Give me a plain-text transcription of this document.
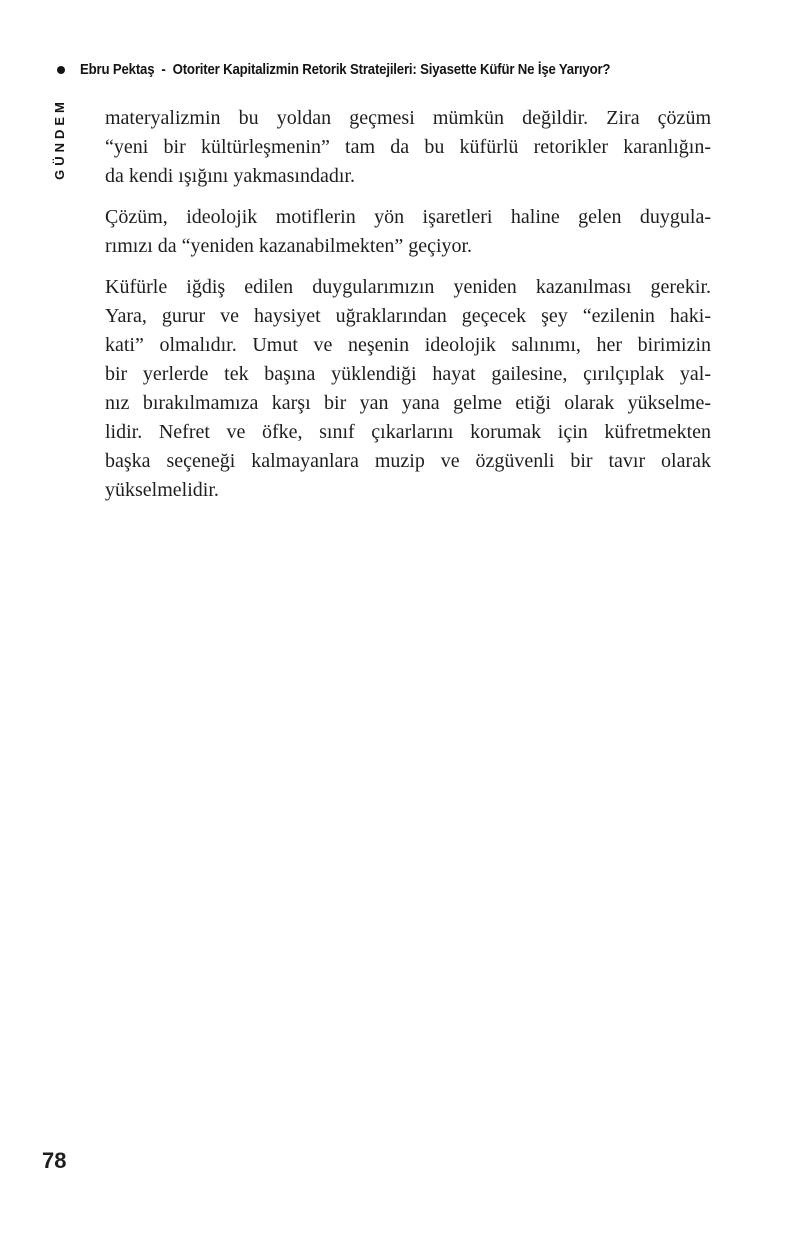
Ebru Pektaş - Otoriter Kapitalizmin Retorik Stratejileri: Siyasette Küfür Ne İşe Yarıyor?
GÜNDEM materyalizmin bu yoldan geçmesi mümkün değildir. Zira çözüm
“yeni bir kültürleşmenin” tam da bu küfürlü retorikler karanlığın-
da kendi ışığını yakmasındadır.
Çözüm, ideolojik motiflerin yön işaretleri haline gelen duygula-
rımızı da “yeniden kazanabilmekten” geçiyor.
Küfürle iğdiş edilen duygularımızın yeniden kazanılması gerekir.
Yara, gurur ve haysiyet uğraklarından geçecek şey “ezilenin haki-
kati” olmalıdır. Umut ve neşenin ideolojik salınımı, her birimizin
bir yerlerde tek başına yüklendiği hayat gailesine, çırılçıplak yal-
nız bırakılmamıza karşı bir yan yana gelme etiği olarak yükselme-
lidir. Nefret ve öfke, sınıf çıkarlarını korumak için küfretmekten
başka seçeneği kalmayanlara muzip ve özgüvenli bir tavır olarak
yükselmelidir.
78
